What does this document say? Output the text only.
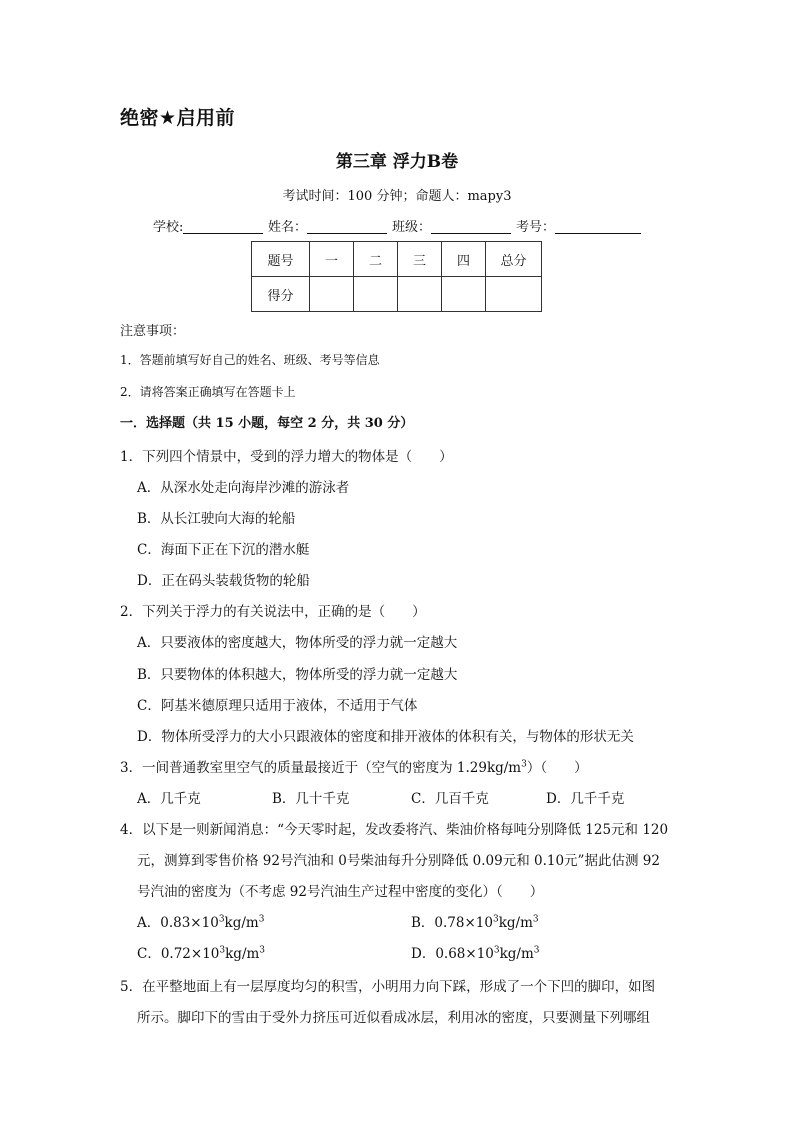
绝密★启用前
第三章 浮力B卷
考试时间：100 分钟；命题人：mapy3
学校:	姓名：	班级：	考号：
题号	一	二	三	四	总分
得分					
注意事项：
1．答题前填写好自己的姓名、班级、考号等信息
2．请将答案正确填写在答题卡上
一．选择题（共 15 小题，每空 2 分，共 30 分）
1．下列四个情景中，受到的浮力增大的物体是（　　）
A．从深水处走向海岸沙滩的游泳者
B．从长江驶向大海的轮船
C．海面下正在下沉的潜水艇
D．正在码头装载货物的轮船
2．下列关于浮力的有关说法中，正确的是（　　）
A．只要液体的密度越大，物体所受的浮力就一定越大
B．只要物体的体积越大，物体所受的浮力就一定越大
C．阿基米德原理只适用于液体，不适用于气体
D．物体所受浮力的大小只跟液体的密度和排开液体的体积有关，与物体的形状无关
3．一间普通教室里空气的质量最接近于（空气的密度为 $1.29kg/m^3$）（　　）
A．几千克	B．几十千克	C．几百千克	D．几千千克
4．以下是一则新闻消息：“今天零时起，发改委将汽、柴油价格每吨分别降低 125元和 120
元，测算到零售价格 92号汽油和 0号柴油每升分别降低 0.09元和 0.10元”据此估测 92
号汽油的密度为（不考虑 92号汽油生产过程中密度的变化）（　　）
A．$0.83\times 10^3kg/m^3$	B．$0.78\times 10^3kg/m^3$
C．$0.72\times 10^3kg/m^3$	D．$0.68\times 10^3kg/m^3$
5．在平整地面上有一层厚度均匀的积雪，小明用力向下踩，形成了一个下凹的脚印，如图
所示。脚印下的雪由于受外力挤压可近似看成冰层，利用冰的密度，只要测量下列哪组
